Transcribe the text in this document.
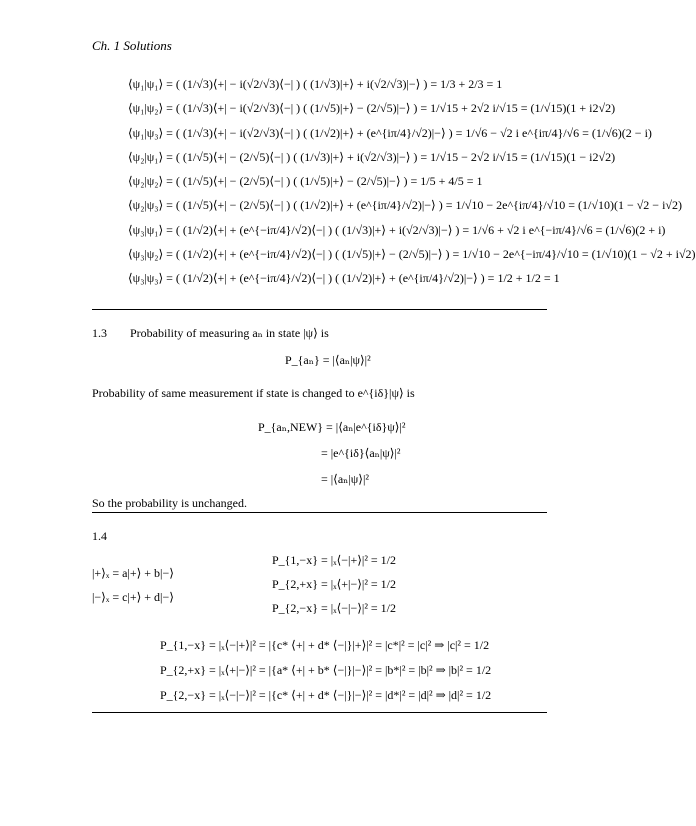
Ch. 1 Solutions
⟨ψ₁|ψ₁⟩ = ( (1/√3)⟨+| − i(√2/√3)⟨−| ) ( (1/√3)|+⟩ + i(√2/√3)|−⟩ ) = 1/3 + 2/3 = 1
⟨ψ₁|ψ₂⟩ = ( (1/√3)⟨+| − i(√2/√3)⟨−| ) ( (1/√5)|+⟩ − (2/√5)|−⟩ ) = 1/√15 + 2√2 i/√15 = (1/√15)(1 + i2√2)
⟨ψ₁|ψ₃⟩ = ( (1/√3)⟨+| − i(√2/√3)⟨−| ) ( (1/√2)|+⟩ + (e^{iπ/4}/√2)|−⟩ ) = 1/√6 − √2 i e^{iπ/4}/√6 = (1/√6)(2 − i)
⟨ψ₂|ψ₁⟩ = ( (1/√5)⟨+| − (2/√5)⟨−| ) ( (1/√3)|+⟩ + i(√2/√3)|−⟩ ) = 1/√15 − 2√2 i/√15 = (1/√15)(1 − i2√2)
⟨ψ₂|ψ₂⟩ = ( (1/√5)⟨+| − (2/√5)⟨−| ) ( (1/√5)|+⟩ − (2/√5)|−⟩ ) = 1/5 + 4/5 = 1
⟨ψ₂|ψ₃⟩ = ( (1/√5)⟨+| − (2/√5)⟨−| ) ( (1/√2)|+⟩ + (e^{iπ/4}/√2)|−⟩ ) = 1/√10 − 2e^{iπ/4}/√10 = (1/√10)(1 − √2 − i√2)
⟨ψ₃|ψ₁⟩ = ( (1/√2)⟨+| + (e^{−iπ/4}/√2)⟨−| ) ( (1/√3)|+⟩ + i(√2/√3)|−⟩ ) = 1/√6 + √2 i e^{−iπ/4}/√6 = (1/√6)(2 + i)
⟨ψ₃|ψ₂⟩ = ( (1/√2)⟨+| + (e^{−iπ/4}/√2)⟨−| ) ( (1/√5)|+⟩ − (2/√5)|−⟩ ) = 1/√10 − 2e^{−iπ/4}/√10 = (1/√10)(1 − √2 + i√2)
⟨ψ₃|ψ₃⟩ = ( (1/√2)⟨+| + (e^{−iπ/4}/√2)⟨−| ) ( (1/√2)|+⟩ + (e^{iπ/4}/√2)|−⟩ ) = 1/2 + 1/2 = 1
1.3 Probability of measuring aₙ in state |ψ⟩ is
P_{aₙ} = |⟨aₙ|ψ⟩|²
Probability of same measurement if state is changed to e^{iδ}|ψ⟩ is
P_{aₙ,NEW} = |⟨aₙ|e^{iδ}ψ⟩|²
= |e^{iδ}⟨aₙ|ψ⟩|²
= |⟨aₙ|ψ⟩|²
So the probability is unchanged.
1.4
P_{1,−x} = |ₓ⟨−|+⟩|² = 1/2
|+⟩ₓ = a|+⟩ + b|−⟩
P_{2,+x} = |ₓ⟨+|−⟩|² = 1/2
|−⟩ₓ = c|+⟩ + d|−⟩
P_{2,−x} = |ₓ⟨−|−⟩|² = 1/2
P_{1,−x} = |ₓ⟨−|+⟩|² = |{c* ⟨+| + d* ⟨−|}|+⟩|² = |c*|² = |c|² ⇒ |c|² = 1/2
P_{2,+x} = |ₓ⟨+|−⟩|² = |{a* ⟨+| + b* ⟨−|}|−⟩|² = |b*|² = |b|² ⇒ |b|² = 1/2
P_{2,−x} = |ₓ⟨−|−⟩|² = |{c* ⟨+| + d* ⟨−|}|−⟩|² = |d*|² = |d|² ⇒ |d|² = 1/2
